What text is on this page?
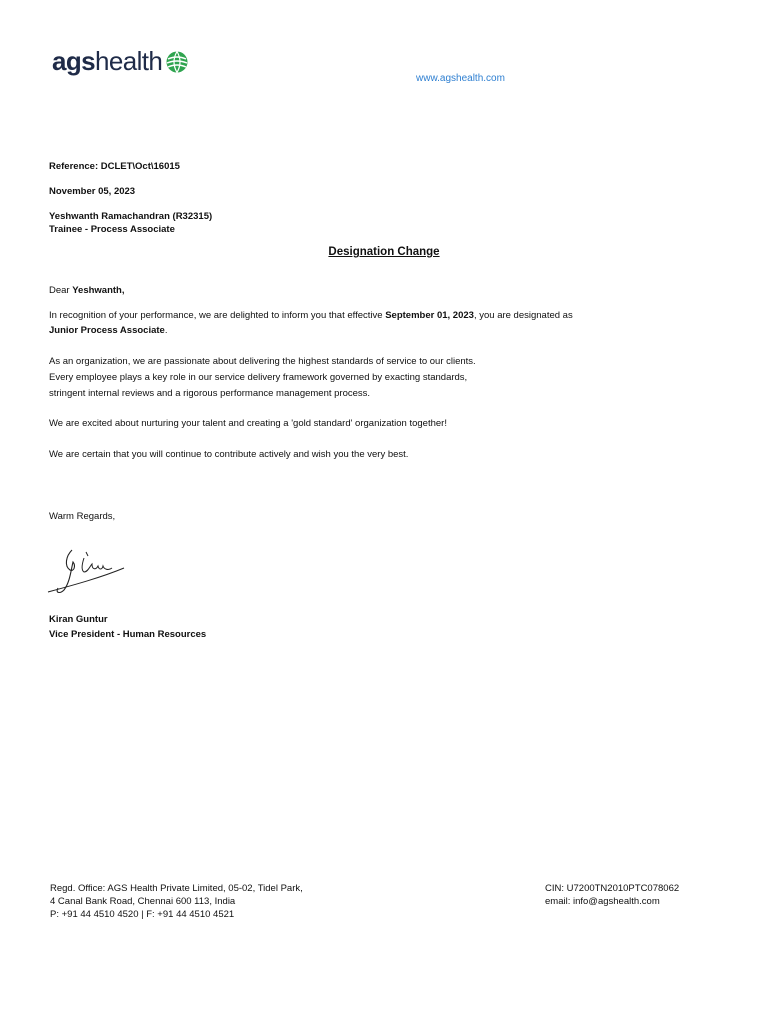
agshealth
www.agshealth.com
Reference: DCLET\Oct\16015
November 05, 2023
Yeshwanth Ramachandran (R32315)
Trainee - Process Associate
Designation Change
Dear Yeshwanth,
In recognition of your performance, we are delighted to inform you that effective September 01, 2023, you are designated as
Junior Process Associate.
As an organization, we are passionate about delivering the highest standards of service to our clients.
Every employee plays a key role in our service delivery framework governed by exacting standards,
stringent internal reviews and a rigorous performance management process.
We are excited about nurturing your talent and creating a 'gold standard' organization together!
We are certain that you will continue to contribute actively and wish you the very best.
Warm Regards,
Kiran Guntur
Vice President - Human Resources
Regd. Office: AGS Health Private Limited, 05-02, Tidel Park,
4 Canal Bank Road, Chennai 600 113, India
P: +91 44 4510 4520 | F: +91 44 4510 4521
CIN: U7200TN2010PTC078062
email: info@agshealth.com
